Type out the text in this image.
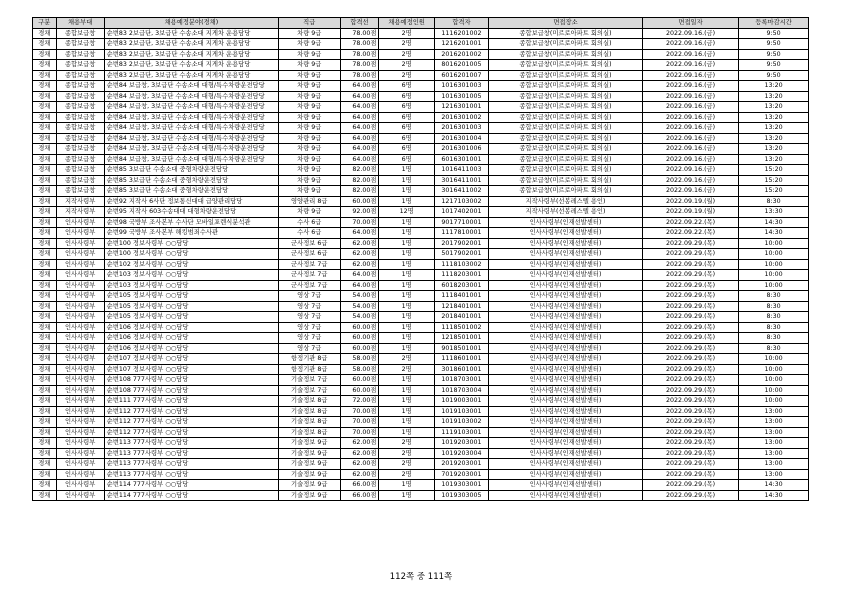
구분	채용부대	채용예정분야(경채)	직급	합격선	채용예정인원	합격자	면접장소	면접일자	등록마감시간
경채	종합보급창	순번83 2보급단, 3보급단 수송소대 지게차 운용담당	차량 9급	78.00점	2명	1116201002	종합보급창(미르로아파트 회의실)	2022.09.16.(금)	9:50
경채	종합보급창	순번83 2보급단, 3보급단 수송소대 지게차 운용담당	차량 9급	78.00점	2명	1216201001	종합보급창(미르로아파트 회의실)	2022.09.16.(금)	9:50
경채	종합보급창	순번83 2보급단, 3보급단 수송소대 지게차 운용담당	차량 9급	78.00점	2명	2016201002	종합보급창(미르로아파트 회의실)	2022.09.16.(금)	9:50
경채	종합보급창	순번83 2보급단, 3보급단 수송소대 지게차 운용담당	차량 9급	78.00점	2명	8016201005	종합보급창(미르로아파트 회의실)	2022.09.16.(금)	9:50
경채	종합보급창	순번83 2보급단, 3보급단 수송소대 지게차 운용담당	차량 9급	78.00점	2명	6016201007	종합보급창(미르로아파트 회의실)	2022.09.16.(금)	9:50
경채	종합보급창	순번84 보급창, 3보급단 수송소대 대형/특수차량운전담당	차량 9급	64.00점	6명	1016301003	종합보급창(미르로아파트 회의실)	2022.09.16.(금)	13:20
경채	종합보급창	순번84 보급창, 3보급단 수송소대 대형/특수차량운전담당	차량 9급	64.00점	6명	1016301005	종합보급창(미르로아파트 회의실)	2022.09.16.(금)	13:20
경채	종합보급창	순번84 보급창, 3보급단 수송소대 대형/특수차량운전담당	차량 9급	64.00점	6명	1216301001	종합보급창(미르로아파트 회의실)	2022.09.16.(금)	13:20
경채	종합보급창	순번84 보급창, 3보급단 수송소대 대형/특수차량운전담당	차량 9급	64.00점	6명	2016301002	종합보급창(미르로아파트 회의실)	2022.09.16.(금)	13:20
경채	종합보급창	순번84 보급창, 3보급단 수송소대 대형/특수차량운전담당	차량 9급	64.00점	6명	2016301003	종합보급창(미르로아파트 회의실)	2022.09.16.(금)	13:20
경채	종합보급창	순번84 보급창, 3보급단 수송소대 대형/특수차량운전담당	차량 9급	64.00점	6명	2016301004	종합보급창(미르로아파트 회의실)	2022.09.16.(금)	13:20
경채	종합보급창	순번84 보급창, 3보급단 수송소대 대형/특수차량운전담당	차량 9급	64.00점	6명	2016301006	종합보급창(미르로아파트 회의실)	2022.09.16.(금)	13:20
경채	종합보급창	순번84 보급창, 3보급단 수송소대 대형/특수차량운전담당	차량 9급	64.00점	6명	6016301001	종합보급창(미르로아파트 회의실)	2022.09.16.(금)	13:20
경채	종합보급창	순번85 3보급단 수송소대 중형차량운전담당	차량 9급	82.00점	1명	1016411003	종합보급창(미르로아파트 회의실)	2022.09.16.(금)	15:20
경채	종합보급창	순번85 3보급단 수송소대 중형차량운전담당	차량 9급	82.00점	1명	3016411001	종합보급창(미르로아파트 회의실)	2022.09.16.(금)	15:20
경채	종합보급창	순번85 3보급단 수송소대 중형차량운전담당	차량 9급	82.00점	1명	3016411002	종합보급창(미르로아파트 회의실)	2022.09.16.(금)	15:20
경채	지작사령부	순번92 지작사 6사단 정보통신대대 급양관리담당	영양관리 8급	60.00점	1명	1217103002	지작사령부(선봉레스텔 용인)	2022.09.19.(월)	8:30
경채	지작사령부	순번95 지작사 603수송대대 대형차량운전담당	차량 9급	92.00점	12명	1017402001	지작사령부(선봉레스텔 용인)	2022.09.19.(월)	13:30
경채	인사사령부	순번98 국방부 조사본부 수사단 모바일포렌식분석관	수사 6급	70.00점	1명	9017710001	인사사령부(인재선발센터)	2022.09.22.(목)	14:30
경채	인사사령부	순번99 국방부 조사본부 해킹범죄수사관	수사 6급	64.00점	1명	1117810001	인사사령부(인재선발센터)	2022.09.22.(목)	14:30
경채	인사사령부	순번100 정보사령부 ○○담당	군사정보 6급	62.00점	1명	2017902001	인사사령부(인재선발센터)	2022.09.29.(목)	10:00
경채	인사사령부	순번100 정보사령부 ○○담당	군사정보 6급	62.00점	1명	5017902001	인사사령부(인재선발센터)	2022.09.29.(목)	10:00
경채	인사사령부	순번102 정보사령부 ○○담당	군사정보 7급	62.00점	1명	1118103002	인사사령부(인재선발센터)	2022.09.29.(목)	10:00
경채	인사사령부	순번103 정보사령부 ○○담당	군사정보 7급	64.00점	1명	1118203001	인사사령부(인재선발센터)	2022.09.29.(목)	10:00
경채	인사사령부	순번103 정보사령부 ○○담당	군사정보 7급	64.00점	1명	6018203001	인사사령부(인재선발센터)	2022.09.29.(목)	10:00
경채	인사사령부	순번105 정보사령부 ○○담당	영상 7급	54.00점	1명	1118401001	인사사령부(인재선발센터)	2022.09.29.(목)	8:30
경채	인사사령부	순번105 정보사령부 ○○담당	영상 7급	54.00점	1명	1218401001	인사사령부(인재선발센터)	2022.09.29.(목)	8:30
경채	인사사령부	순번105 정보사령부 ○○담당	영상 7급	54.00점	1명	2018401001	인사사령부(인재선발센터)	2022.09.29.(목)	8:30
경채	인사사령부	순번106 정보사령부 ○○담당	영상 7급	60.00점	1명	1118501002	인사사령부(인재선발센터)	2022.09.29.(목)	8:30
경채	인사사령부	순번106 정보사령부 ○○담당	영상 7급	60.00점	1명	1218501001	인사사령부(인재선발센터)	2022.09.29.(목)	8:30
경채	인사사령부	순번106 정보사령부 ○○담당	영상 7급	60.00점	1명	9018501001	인사사령부(인재선발센터)	2022.09.29.(목)	8:30
경채	인사사령부	순번107 정보사령부 ○○담당	항정기관 8급	58.00점	2명	1118601001	인사사령부(인재선발센터)	2022.09.29.(목)	10:00
경채	인사사령부	순번107 정보사령부 ○○담당	항정기관 8급	58.00점	2명	3018601001	인사사령부(인재선발센터)	2022.09.29.(목)	10:00
경채	인사사령부	순번108 777사령부 ○○담당	기술정보 7급	60.00점	1명	1018703001	인사사령부(인재선발센터)	2022.09.29.(목)	10:00
경채	인사사령부	순번108 777사령부 ○○담당	기술정보 7급	60.00점	1명	1018703004	인사사령부(인재선발센터)	2022.09.29.(목)	10:00
경채	인사사령부	순번111 777사령부 ○○담당	기술정보 8급	72.00점	1명	1019003001	인사사령부(인재선발센터)	2022.09.29.(목)	10:00
경채	인사사령부	순번112 777사령부 ○○담당	기술정보 8급	70.00점	1명	1019103001	인사사령부(인재선발센터)	2022.09.29.(목)	13:00
경채	인사사령부	순번112 777사령부 ○○담당	기술정보 8급	70.00점	1명	1019103002	인사사령부(인재선발센터)	2022.09.29.(목)	13:00
경채	인사사령부	순번112 777사령부 ○○담당	기술정보 8급	70.00점	1명	1119103001	인사사령부(인재선발센터)	2022.09.29.(목)	13:00
경채	인사사령부	순번113 777사령부 ○○담당	기술정보 9급	62.00점	2명	1019203001	인사사령부(인재선발센터)	2022.09.29.(목)	13:00
경채	인사사령부	순번113 777사령부 ○○담당	기술정보 9급	62.00점	2명	1019203004	인사사령부(인재선발센터)	2022.09.29.(목)	13:00
경채	인사사령부	순번113 777사령부 ○○담당	기술정보 9급	62.00점	2명	2019203001	인사사령부(인재선발센터)	2022.09.29.(목)	13:00
경채	인사사령부	순번113 777사령부 ○○담당	기술정보 9급	62.00점	2명	7019203001	인사사령부(인재선발센터)	2022.09.29.(목)	13:00
경채	인사사령부	순번114 777사령부 ○○담당	기술정보 9급	66.00점	1명	1019303001	인사사령부(인재선발센터)	2022.09.29.(목)	14:30
경채	인사사령부	순번114 777사령부 ○○담당	기술정보 9급	66.00점	1명	1019303005	인사사령부(인재선발센터)	2022.09.29.(목)	14:30
112쪽 중 111쪽
